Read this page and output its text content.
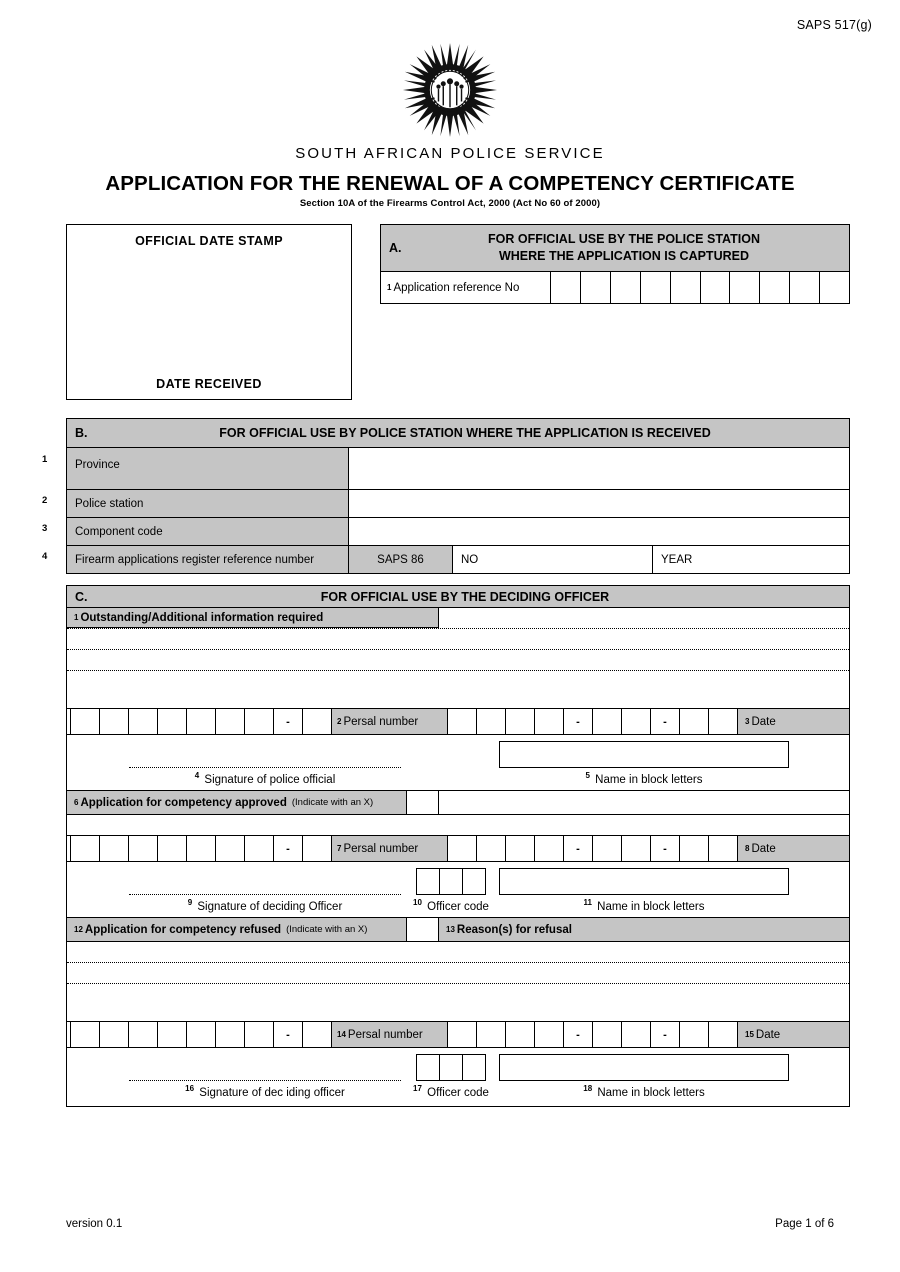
SAPS 517(g)
SOUTH AFRICAN POLICE SERVICE
APPLICATION FOR THE RENEWAL OF A COMPETENCY CERTIFICATE
Section 10A of the Firearms Control Act, 2000 (Act No 60 of 2000)
OFFICIAL DATE STAMP
DATE RECEIVED
A.
FOR OFFICIAL USE BY THE POLICE STATION
WHERE THE APPLICATION IS CAPTURED
1 Application reference No
B.	FOR OFFICIAL USE BY POLICE STATION WHERE THE APPLICATION IS RECEIVED
1	Province
2	Police station
3	Component code
4	Firearm applications register reference number	SAPS 86	NO	YEAR
C.	FOR OFFICIAL USE BY THE DECIDING OFFICER
1 Outstanding/Additional information required
-	2 Persal number	-	-	3 Date
$^4$ Signature of police official	$^5$ Name in block letters
6 Application for competency approved (Indicate with an X)
-	7 Persal number	-	-	8 Date
$^9$ Signature of deciding Officer	$^{10}$ Officer code	$^{11}$ Name in block letters
12 Application for competency refused (Indicate with an X)	13 Reason(s) for refusal
-	14 Persal number	-	-	15 Date
$^{16}$ Signature of dec iding officer	$^{17}$ Officer code	$^{18}$ Name in block letters
version 0.1	Page 1 of 6
